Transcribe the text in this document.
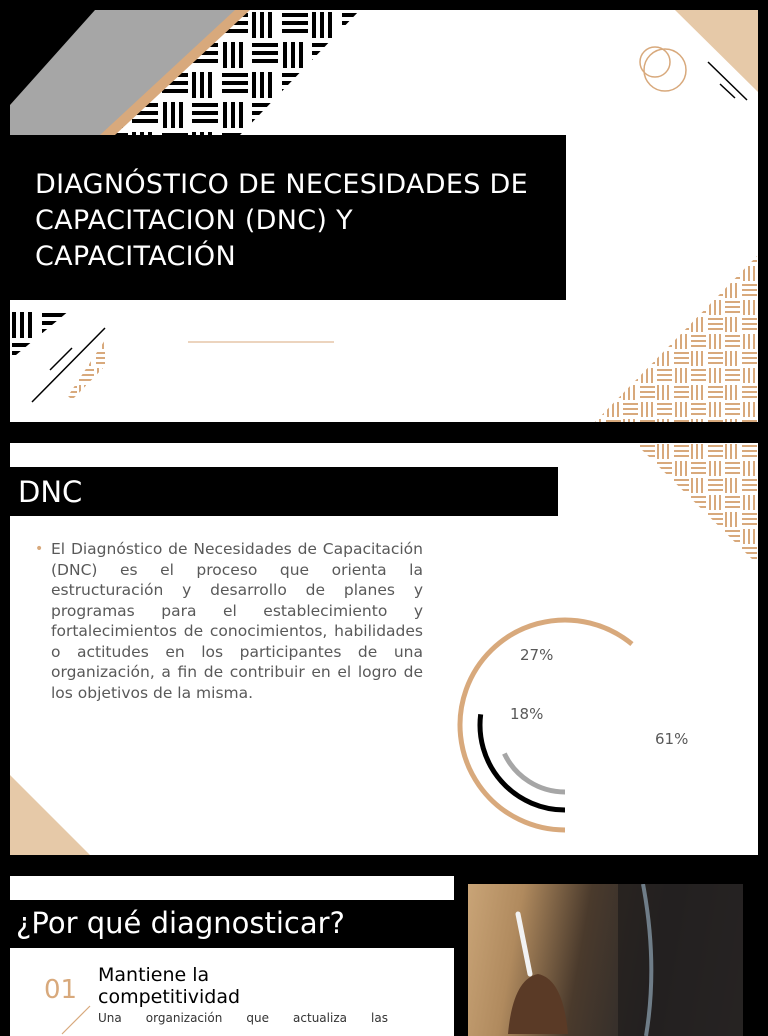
DIAGNÓSTICO DE NECESIDADES DE CAPACITACION (DNC) Y CAPACITACIÓN
DNC
• El Diagnóstico de Necesidades de Capacitación (DNC) es el proceso que orienta la estructuración y desarrollo de planes y programas para el establecimiento y fortalecimientos de conocimientos, habilidades o actitudes en los participantes de una organización, a fin de contribuir en el logro de los objetivos de la misma.
61%
27%
18%
¿Por qué diagnosticar?
01 Mantiene la competitividad
Una organización que actualiza las
